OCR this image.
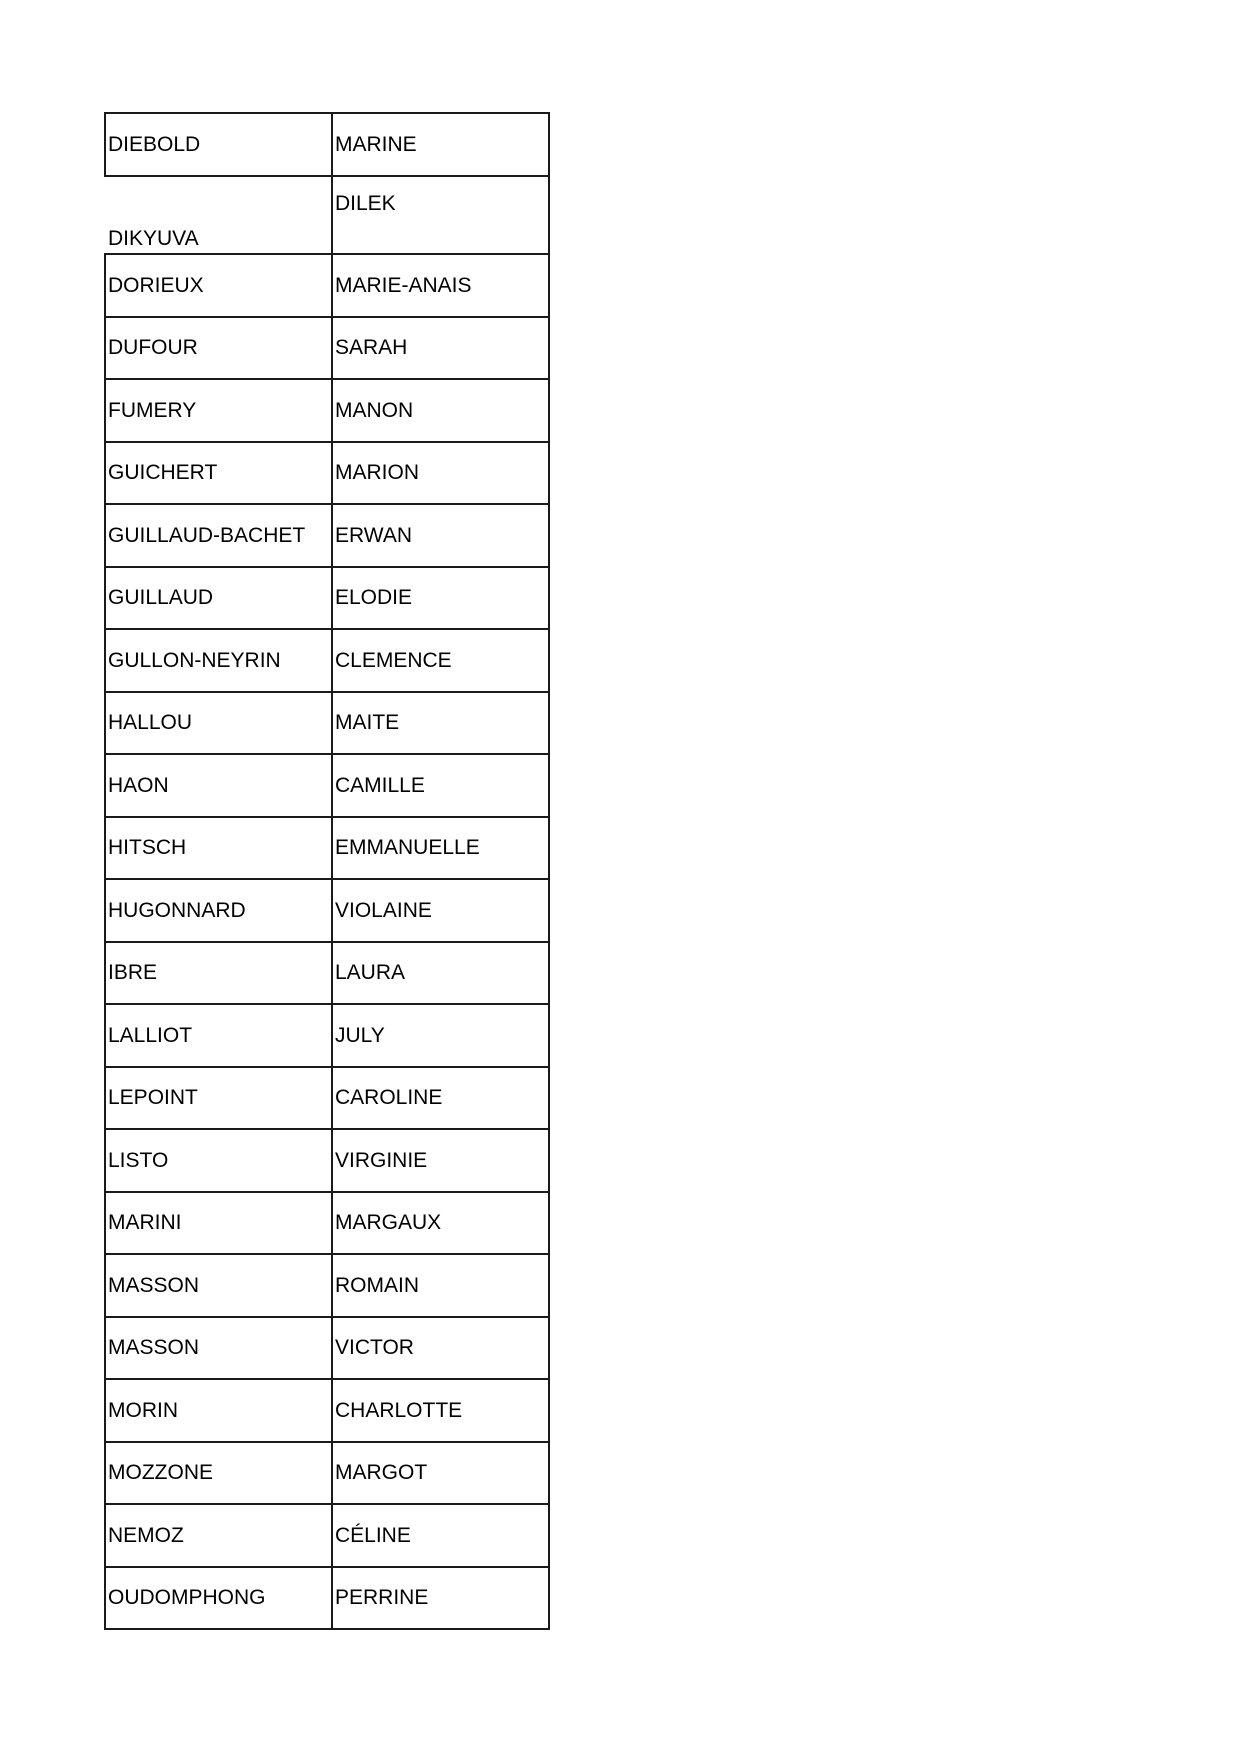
DIEBOLD	MARINE
DIKYUVA	DILEK
DORIEUX	MARIE-ANAIS
DUFOUR	SARAH
FUMERY	MANON
GUICHERT	MARION
GUILLAUD-BACHET	ERWAN
GUILLAUD	ELODIE
GULLON-NEYRIN	CLEMENCE
HALLOU	MAITE
HAON	CAMILLE
HITSCH	EMMANUELLE
HUGONNARD	VIOLAINE
IBRE	LAURA
LALLIOT	JULY
LEPOINT	CAROLINE
LISTO	VIRGINIE
MARINI	MARGAUX
MASSON	ROMAIN
MASSON	VICTOR
MORIN	CHARLOTTE
MOZZONE	MARGOT
NEMOZ	CÉLINE
OUDOMPHONG	PERRINE
